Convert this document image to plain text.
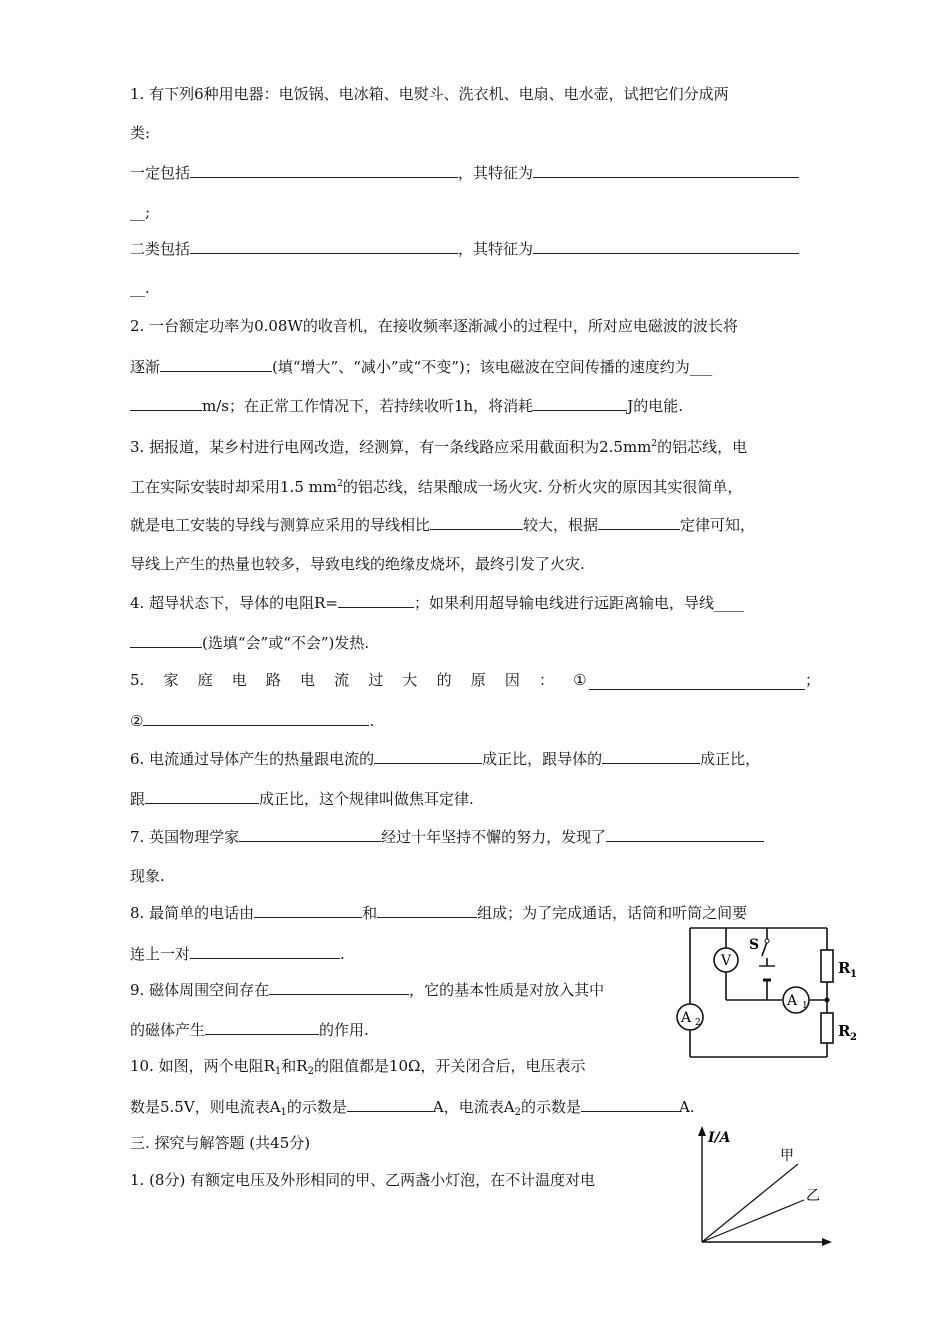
1. 有下列6种用电器：电饭锅、电冰箱、电熨斗、洗衣机、电扇、电水壶，试把它们分成两
类:
一定包括	，其特征为
__;
二类包括	，其特征为
__.
2. 一台额定功率为0.08W的收音机，在接收频率逐渐减小的过程中，所对应电磁波的波长将
逐渐	(填“增大”、“减小”或“不变”)；该电磁波在空间传播的速度约为___
m/s；在正常工作情况下，若持续收听1h，将消耗	J的电能.
3. 据报道，某乡村进行电网改造，经测算，有一条线路应采用截面积为$2.5mm^2$的铝芯线，电
工在实际安装时却采用1.5 $mm^2$的铝芯线，结果酿成一场火灾. 分析火灾的原因其实很简单，
就是电工安装的导线与测算应采用的导线相比	较大，根据	定律可知，
导线上产生的热量也较多，导致电线的绝缘皮烧坏，最终引发了火灾.
4. 超导状态下，导体的电阻R=	；如果利用超导输电线进行远距离输电，导线____
(选填“会”或“不会”)发热.
5. 家 庭 电 路 电 流 过 大 的 原 因 ： ①	；
②	.
6. 电流通过导体产生的热量跟电流的	成正比，跟导体的	成正比，
跟	成正比，这个规律叫做焦耳定律.
7. 英国物理学家	经过十年坚持不懈的努力，发现了
现象.
8. 最简单的电话由	和	组成；为了完成通话，话筒和听筒之间要
连上一对	.
9. 磁体周围空间存在	，它的基本性质是对放入其中
的磁体产生	的作用.
10. 如图，两个电阻$R_1$和$R_2$的阻值都是10Ω，开关闭合后，电压表示
数是5.5V，则电流表$A_1$的示数是	A，电流表$A_2$的示数是	A.
三. 探究与解答题 (共45分)
1. (8分) 有额定电压及外形相同的甲、乙两盏小灯泡，在不计温度对电
V
S
A 1
A 2
R 1
R 2
I/A
甲
乙
